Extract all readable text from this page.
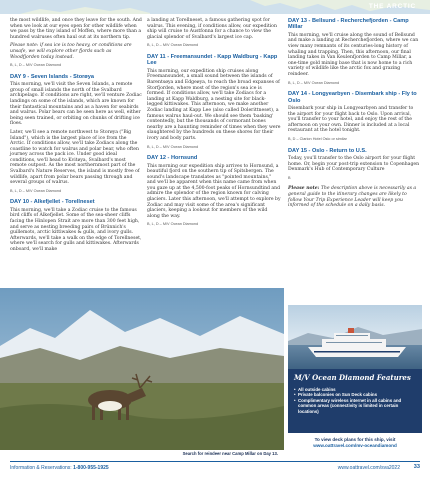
THE ARCTIC

the most wildlife, and once they leave for the south. And when we look at our eyes open for other wildlife when we pass by the tiny island of Moffen, where more than a hundred walruses often haul out at its northern tip.

Please note: if sea ice is too heavy, or conditions are unsafe, we will explore other fjords such as Woodfjorden today instead.

B, L, D – M/V Ocean Diamond
DAY 9 - Seven Islands - Storøya

This morning, we'll visit the Seven Islands, a remote group of small islands the north of the Svalbard archipelago. If conditions are right, we'll venture Zodiac landings on some of the islands, which are known for their fantastical mountains and as a haven for seabirds and walrus. Polar bears can be seen here as well, either being seen trained, or orbiting on chunks of drifting ice floes.

Later, we'll see a remote northwest to Storøya ("Big Island"), which is the largest place of ice from the Arctic. If conditions allow, we'll take Zodiacs along the coastline to watch for walrus and polar bear, who often journey across the pack ice. Under good ideal conditions, we'll head to Kvitøya, Svalbard's most remote outpost. As the most northernmost part of the Svalbard's Nature Reserves, the island is mostly free of wildlife, apart from polar bears passing through and several groups of walrus.

B, L, D – M/V Ocean Diamond
DAY 10 - Alkefjellet - Torellneset

This morning, we'll take a Zodiac cruise to the famous bird cliffs of Alkefjellet. Some of the sea-sheer cliffs facing the Hinlopen Strait are more than 300 feet high, and serve as nesting breeding pairs of Brünnich's guillemots, arctic kittiwakes & gulls, and ivory gulls. Afterwards, we'll take a walk on the edge of Torellneset, where we'll search for gulls and kittiwakes. Afterwards onboard, we'll make

a landing at Torellneset, a famous gathering spot for walrus. This evening, if conditions allow, our expedition ship will cruise to Austfonna for a chance to view the glacial splendor of Svalbard's largest ice cap.

B, L, D – M/V Ocean Diamond
DAY 11 - Freemansundet - Kapp Waldburg - Kapp Lee

This morning, our expedition ship cruises along Freemansundet, a small sound between the islands of Barentsøya and Edgeøya, to reach the broad expanses of Storfjorden, where most of the region's sea ice is formed. If conditions allow, we'll take Zodiacs for a landing at Kapp Waldburg, a nesting site for black-legged kittiwakes. This afternoon, we make another Zodiac landing at Kapp Lee (also called Dolerittneset), a famous walrus haul-out. We should see them 'basking' contentedly, but the thousands of cormorant bones nearby are a haunting reminder of times when they were slaughtered by the hundreds on these shores for their ivory and body parts.

B, L, D – M/V Ocean Diamond
DAY 12 - Hornsund

This morning our expedition ship arrives to Hornsund, a beautiful fjord on the southern tip of Spitsbergen. The sound's landscape translates as "pointed mountains," and we'll be apparent when this name came from when you gaze up at the 4,500-foot peaks of Hornsundtind and admire the splendor of the region known for calving glaciers. Later this afternoon, we'll attempt to explore by Zodiac and may visit some of the area's significant glaciers, keeping a lookout for members of the wild along the way.

B, L, D – M/V Ocean Diamond
DAY 13 - Bellsund - Recherchefjorden - Camp Millar

This morning, we'll cruise along the sound of Bellsund and make a landing at Recherchefjorden, where we can view many remnants of its centuries-long history of whaling and trapping. Then, this afternoon, our final landing takes in Van Keulenfjorden to Camp Millar, a one-time gold mining base that is now home to a rich variety of wildlife like the arctic fox and grazing reindeer.

B, L, D – M/V Ocean Diamond
DAY 14 - Longyearbyen - Disembark ship - Fly to Oslo

Disembark your ship in Longyearbyen and transfer to the airport for your flight back to Oslo. Upon arrival, you'll transfer to your hotel, and enjoy the rest of the afternoon on your own. Dinner is included at a local restaurant at the hotel tonight.

B, D – Clarion Hotel Oslo or similar
DAY 15 - Oslo - Return to U.S.

Today, you'll transfer to the Oslo airport for your flight home. Or, begin your post-trip extension to Copenhagen Denmark's Hub of Contemporary Culture

B

Please note: The description above is necessarily as a general guide to the itinerary changes are likely to follow Your Trip Experience Leader will keep you informed of the schedule on a daily basis.

Search for reindeer near Camp Millar on Day 13.
M/V Ocean Diamond Features
• All outside cabins
• Private balconies on Sun Deck cabins
• Complimentary wireless internet in all cabins and common areas (connectivity is limited in certain locations)
To view deck plans for this ship, visit
www.oattravel.com/mv-oceandiamond
Information & Reservations: 1-800-955-1925	www.oattravel.com/sva2022 33
